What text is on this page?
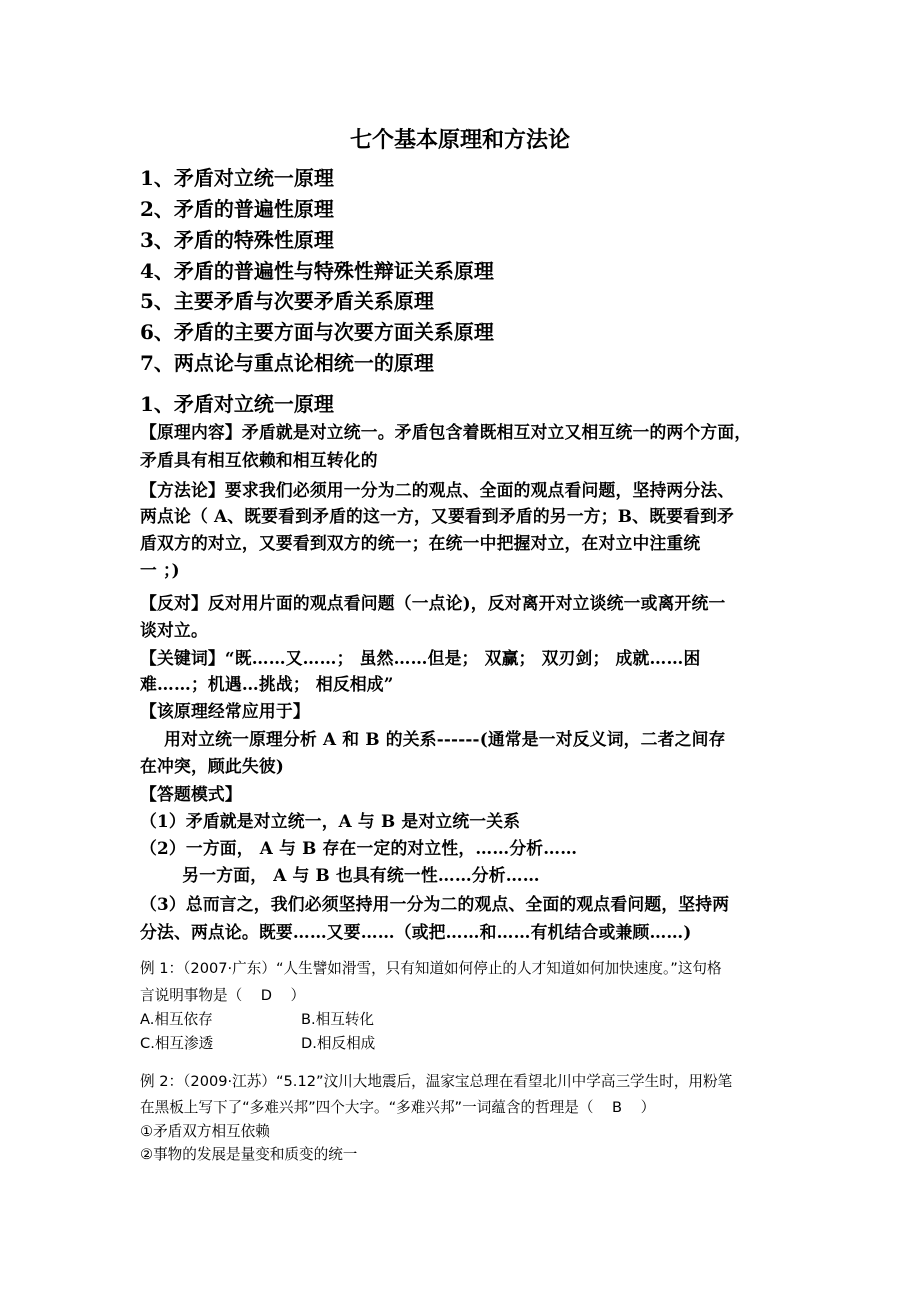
七个基本原理和方法论
1、矛盾对立统一原理
2、矛盾的普遍性原理
3、矛盾的特殊性原理
4、矛盾的普遍性与特殊性辩证关系原理
5、主要矛盾与次要矛盾关系原理
6、矛盾的主要方面与次要方面关系原理
7、两点论与重点论相统一的原理
1、矛盾对立统一原理
【原理内容】矛盾就是对立统一。矛盾包含着既相互对立又相互统一的两个方面，
矛盾具有相互依赖和相互转化的
【方法论】要求我们必须用一分为二的观点、全面的观点看问题，坚持两分法、
两点论（ A、既要看到矛盾的这一方，又要看到矛盾的另一方；B、既要看到矛
盾双方的对立，又要看到双方的统一；在统一中把握对立，在对立中注重统
一 ；)
【反对】反对用片面的观点看问题（一点论)，反对离开对立谈统一或离开统一
谈对立。
【关键词】“既……又……； 虽然……但是； 双赢； 双刃剑； 成就……困
难……；机遇…挑战； 相反相成”
【该原理经常应用于】
用对立统一原理分析 A 和 B 的关系------(通常是一对反义词，二者之间存
在冲突，顾此失彼)
【答题模式】
（1）矛盾就是对立统一，A 与 B 是对立统一关系
（2）一方面， A 与 B 存在一定的对立性，……分析……
另一方面， A 与 B 也具有统一性……分析……
（3）总而言之，我们必须坚持用一分为二的观点、全面的观点看问题，坚持两
分法、两点论。既要……又要……（或把……和……有机结合或兼顾……)
例 1：（2007·广东）“人生譬如滑雪，只有知道如何停止的人才知道如何加快速度。”这句格
言说明事物是（    D    ）
A.相互依存	B.相互转化
C.相互渗透	D.相反相成
例 2：（2009·江苏）“5.12”汶川大地震后，温家宝总理在看望北川中学高三学生时，用粉笔
在黑板上写下了“多难兴邦”四个大字。“多难兴邦”一词蕴含的哲理是（    B    ）
①矛盾双方相互依赖
②事物的发展是量变和质变的统一
